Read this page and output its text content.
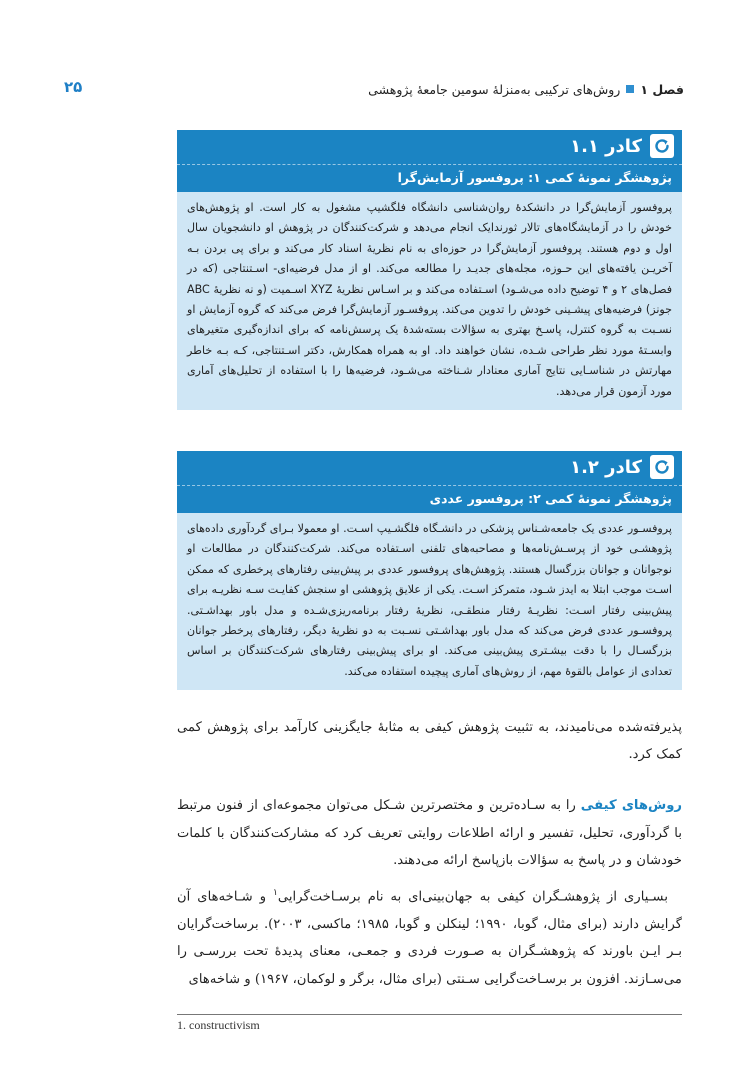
فصل ۱
روش‌های ترکیبی به‌منزلهٔ سومین جامعهٔ پژوهشی
۲۵
کادر ۱.۱
پژوهشگر نمونهٔ کمی ۱: پروفسور آزمایش‌گرا
پروفسور آزمایش‌گرا در دانشکدهٔ روان‌شناسی دانشگاه فلگشیپ مشغول به کار است. او پژوهش‌های خودش را در آزمایشگاه‌های تالار ثورندایک انجام می‌دهد و شرکت‌کنندگان در پژوهش او دانشجویان سال اول و دوم هستند. پروفسور آزمایش‌گرا در حوزه‌ای به نام نظریهٔ اسناد کار می‌کند و برای پی بردن بـه آخریـن یافته‌های این حـوزه، مجله‌های جدیـد را مطالعه می‌کند. او از مدل فرضیه‌ای- اسـتنتاجی (که در فصل‌های ۲ و ۴ توضیح داده می‌شـود) اسـتفاده می‌کند و بر اسـاس نظریهٔ XYZ اسـمیت (و نه نظریهٔ ABC جونز) فرضیه‌های پیشـینی خودش را تدوین می‌کند. پروفسـور آزمایش‌گرا فرض می‌کند که گروه آزمایش او نسـبت به گروه کنترل، پاسـخ بهتری به سؤالات بسته‌شدهٔ یک پرسش‌نامه که برای اندازه‌گیری متغیرهای وابسـتهٔ مورد نظر طراحی شـده، نشان خواهند داد. او به همراه همکارش، دکتر اسـتنتاجی، کـه بـه خاطر مهارتش در شناسـایی نتایج آماری معنادار شـناخته می‌شـود، فرضیه‌ها را با استفاده از تحلیل‌های آماری مورد آزمون قرار می‌دهد.
کادر ۱.۲
پژوهشگر نمونهٔ کمی ۲: پروفسور عددی
پروفسـور عددی یک جامعه‌شـناس پزشکی در دانشـگاه فلگشـیپ اسـت. او معمولا بـرای گردآوری داده‌های پژوهشـی خود از پرسـش‌نامه‌ها و مصاحبه‌های تلفنی اسـتفاده می‌کند. شرکت‌کنندگان در مطالعات او نوجوانان و جوانان بزرگسال هستند. پژوهش‌های پروفسور عددی بر پیش‌بینی رفتارهای پرخطری که ممکن اسـت موجب ابتلا به ایدز شـود، متمرکز اسـت. یکی از علایق پژوهشی او سنجش کفایـت سـه نظریـه برای پیش‌بینی رفتار اسـت: نظریـهٔ رفتار منطقـی، نظریهٔ رفتار برنامه‌ریزی‌شـده و مدل باور بهداشـتی. پروفسـور عددی فرض می‌کند که مدل باور بهداشـتی نسـبت به دو نظریهٔ دیگر، رفتارهای پرخطر جوانان بزرگسـال را با دقت بیشـتری پیش‌بینی می‌کند. او برای پیش‌بینی رفتارهای شرکت‌کنندگان بر اساس تعدادی از عوامل بالقوهٔ مهم، از روش‌های آماری پیچیده استفاده می‌کند.

پذیرفته‌شده می‌نامیدند، به تثبیت پژوهش کیفی به مثابهٔ جایگزینی کارآمد برای پژوهش کمی کمک کرد.

روش‌های کیفی را به سـاده‌ترین و مختصرترین شـکل می‌توان مجموعه‌ای از فنون مرتبط با گردآوری، تحلیل، تفسیر و ارائه اطلاعات روایتی تعریف کرد که مشارکت‌کنندگان با کلمات خودشان و در پاسخ به سؤالات بازپاسخ ارائه می‌دهند.

بسـیاری از پژوهشـگران کیفی به جهان‌بینی‌ای به نام برسـاخت‌گرایی$^۱$ و شـاخه‌های آن گرایش دارند (برای مثال، گوبا، ۱۹۹۰؛ لینکلن و گوبا، ۱۹۸۵؛ ماکسی، ۲۰۰۳). برساخت‌گرایان بـر ایـن باورند که پژوهشـگران به صـورت فردی و جمعـی، معنای پدیدهٔ تحت بررسـی را می‌سـازند. افزون بر برسـاخت‌گرایی سـنتی (برای مثال، برگر و لوکمان، ۱۹۶۷) و شاخه‌های

1. constructivism
